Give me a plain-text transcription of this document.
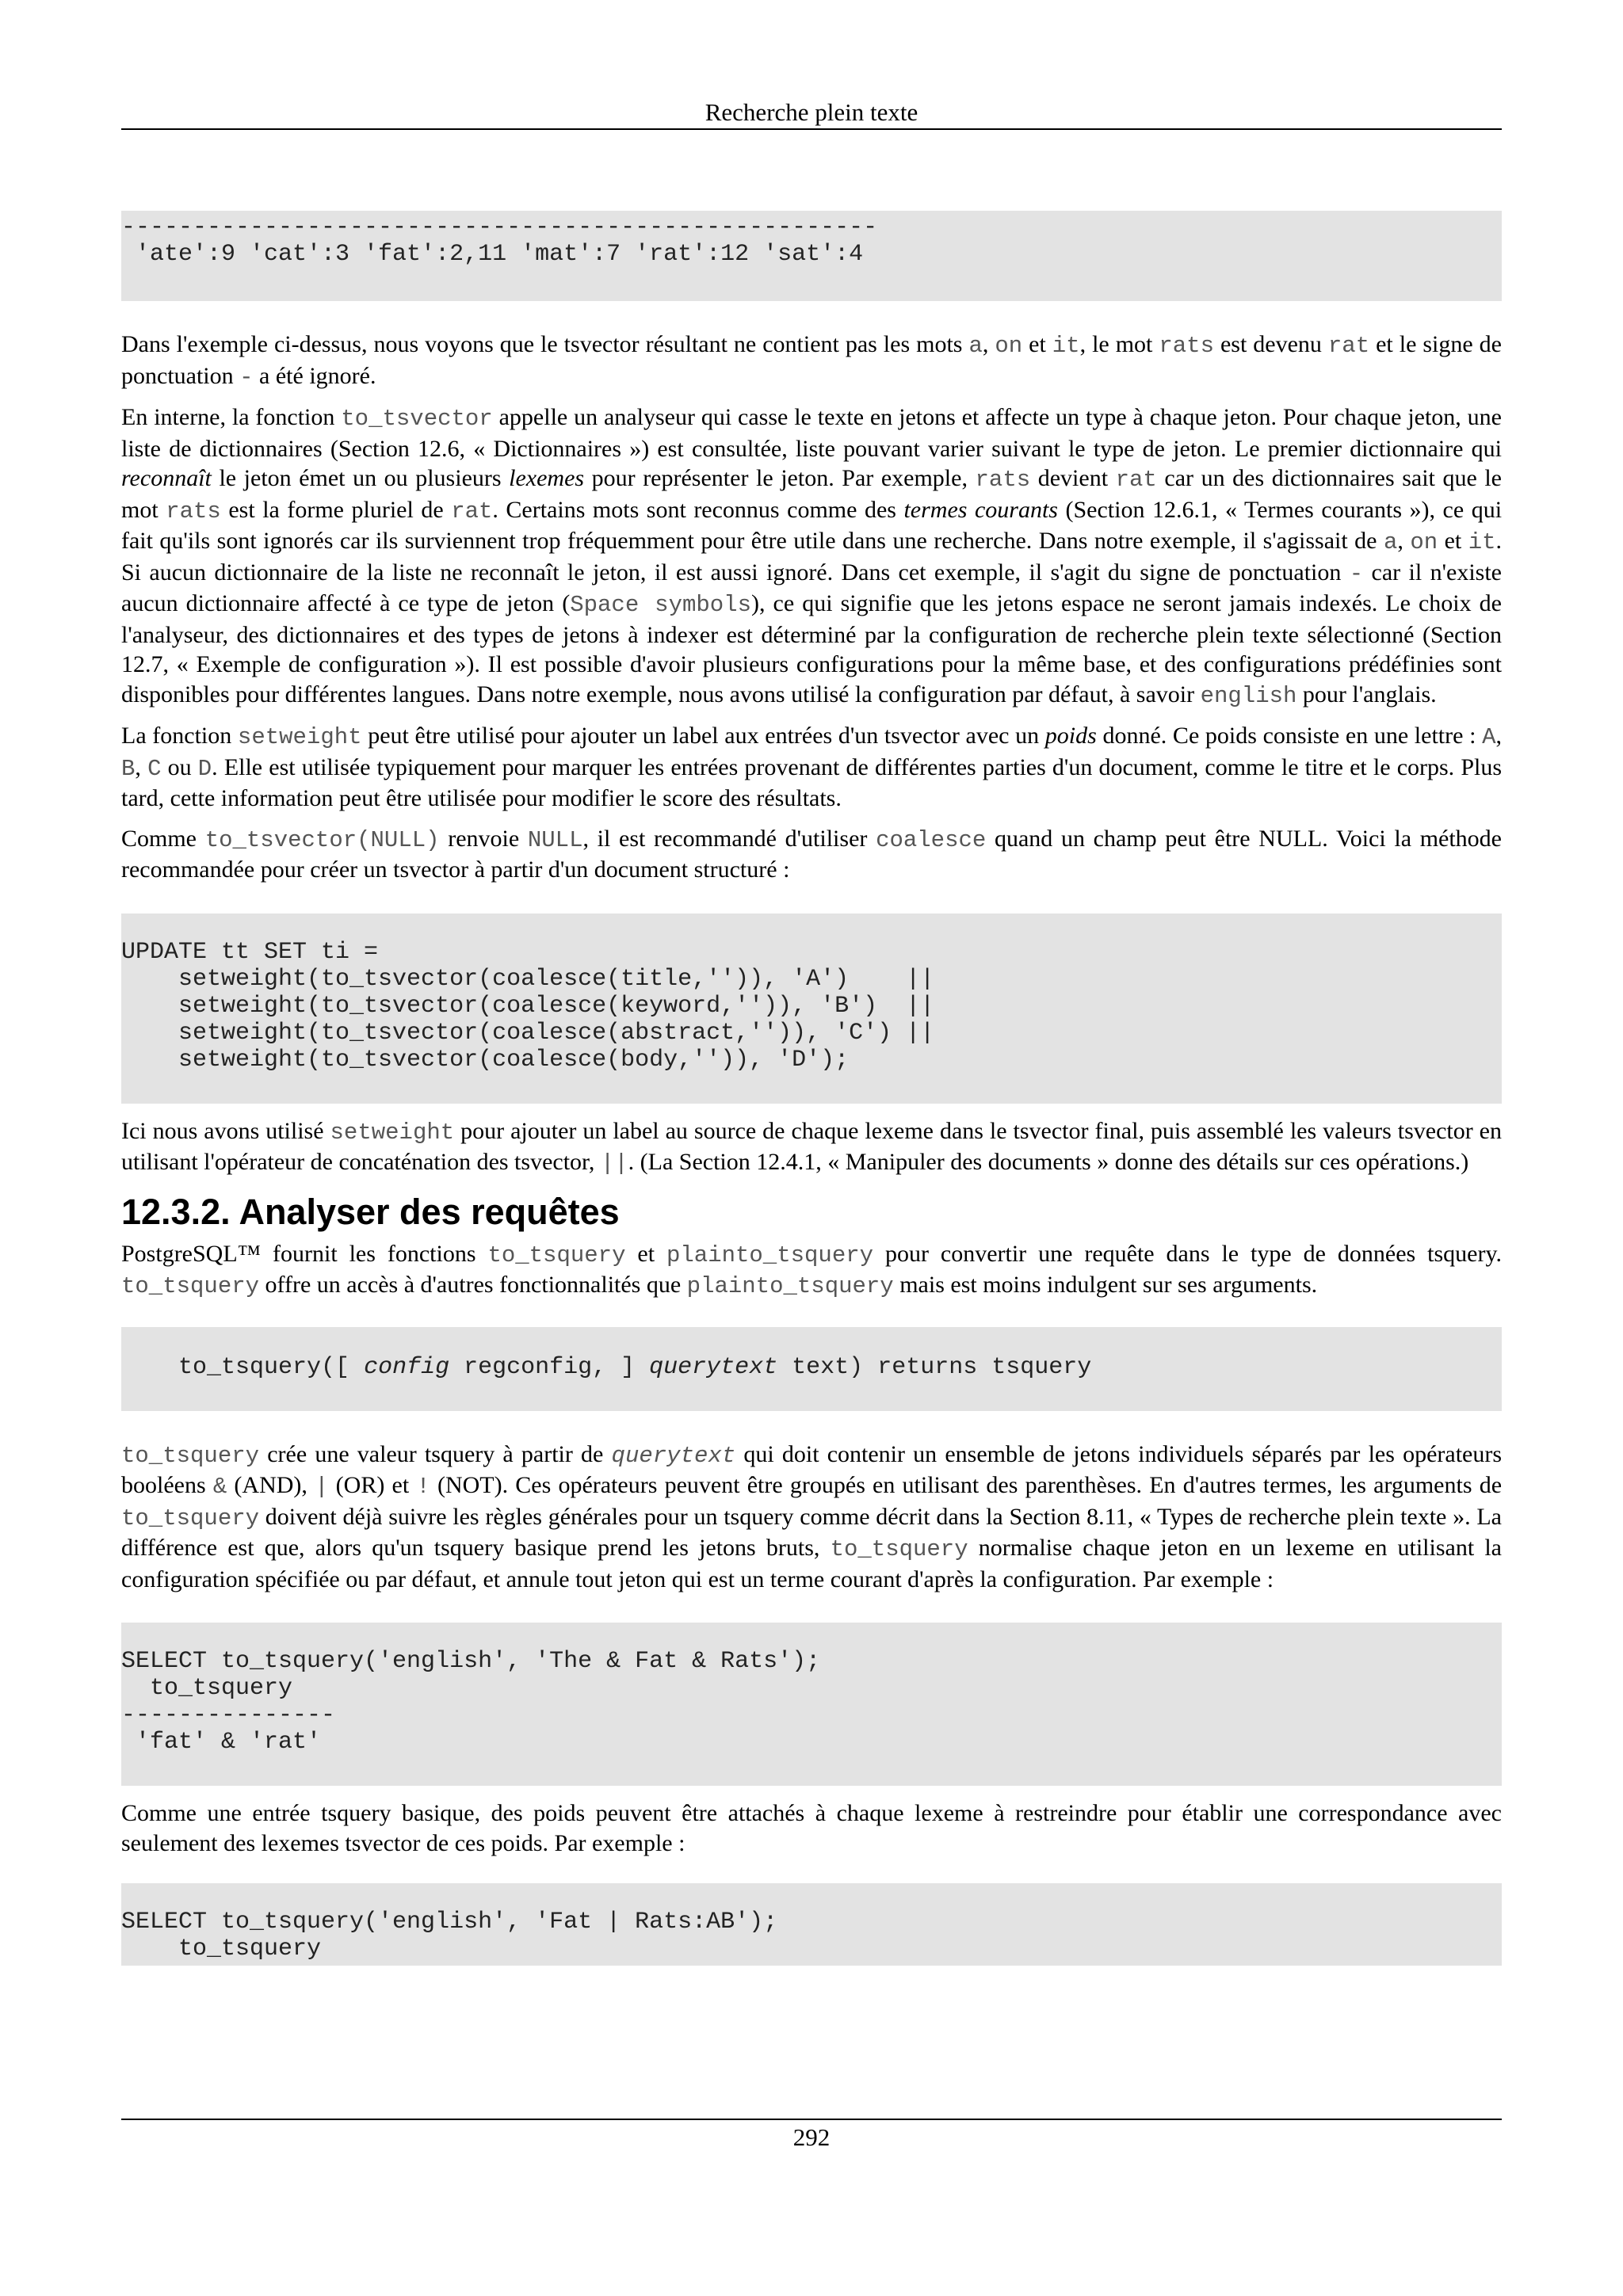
Recherche plein texte
-----------------------------------------------------
'ate':9 'cat':3 'fat':2,11 'mat':7 'rat':12 'sat':4

Dans l'exemple ci-dessus, nous voyons que le tsvector résultant ne contient pas les mots a, on et it, le mot rats est devenu rat et le signe de ponctuation - a été ignoré.

En interne, la fonction to_tsvector appelle un analyseur qui casse le texte en jetons et affecte un type à chaque jeton. Pour chaque jeton, une liste de dictionnaires (Section 12.6, « Dictionnaires ») est consultée, liste pouvant varier suivant le type de jeton. Le premier dictionnaire qui reconnaît le jeton émet un ou plusieurs lexemes pour représenter le jeton. Par exemple, rats devient rat car un des dictionnaires sait que le mot rats est la forme pluriel de rat. Certains mots sont reconnus comme des termes courants (Section 12.6.1, « Termes courants »), ce qui fait qu'ils sont ignorés car ils surviennent trop fréquemment pour être utile dans une recherche. Dans notre exemple, il s'agissait de a, on et it. Si aucun dictionnaire de la liste ne reconnaît le jeton, il est aussi ignoré. Dans cet exemple, il s'agit du signe de ponctuation - car il n'existe aucun dictionnaire affecté à ce type de jeton (Space symbols), ce qui signifie que les jetons espace ne seront jamais indexés. Le choix de l'analyseur, des dictionnaires et des types de jetons à indexer est déterminé par la configuration de recherche plein texte sélectionné (Section 12.7, « Exemple de configuration »). Il est possible d'avoir plusieurs configurations pour la même base, et des configurations prédéfinies sont disponibles pour différentes langues. Dans notre exemple, nous avons utilisé la configuration par défaut, à savoir english pour l'anglais.

La fonction setweight peut être utilisé pour ajouter un label aux entrées d'un tsvector avec un poids donné. Ce poids consiste en une lettre : A, B, C ou D. Elle est utilisée typiquement pour marquer les entrées provenant de différentes parties d'un document, comme le titre et le corps. Plus tard, cette information peut être utilisée pour modifier le score des résultats.

Comme to_tsvector(NULL) renvoie NULL, il est recommandé d'utiliser coalesce quand un champ peut être NULL. Voici la méthode recommandée pour créer un tsvector à partir d'un document structuré :

UPDATE tt SET ti =
setweight(to_tsvector(coalesce(title,'')), 'A')    ||
setweight(to_tsvector(coalesce(keyword,'')), 'B')  ||
setweight(to_tsvector(coalesce(abstract,'')), 'C') ||
setweight(to_tsvector(coalesce(body,'')), 'D');

Ici nous avons utilisé setweight pour ajouter un label au source de chaque lexeme dans le tsvector final, puis assemblé les valeurs tsvector en utilisant l'opérateur de concaténation des tsvector, ||. (La Section 12.4.1, « Manipuler des documents » donne des détails sur ces opérations.)

12.3.2. Analyser des requêtes

PostgreSQL™ fournit les fonctions to_tsquery et plainto_tsquery pour convertir une requête dans le type de données tsquery. to_tsquery offre un accès à d'autres fonctionnalités que plainto_tsquery mais est moins indulgent sur ses arguments.

to_tsquery([ config regconfig, ] querytext text) returns tsquery

to_tsquery crée une valeur tsquery à partir de querytext qui doit contenir un ensemble de jetons individuels séparés par les opérateurs booléens & (AND), | (OR) et ! (NOT). Ces opérateurs peuvent être groupés en utilisant des parenthèses. En d'autres termes, les arguments de to_tsquery doivent déjà suivre les règles générales pour un tsquery comme décrit dans la Section 8.11, « Types de recherche plein texte ». La différence est que, alors qu'un tsquery basique prend les jetons bruts, to_tsquery normalise chaque jeton en un lexeme en utilisant la configuration spécifiée ou par défaut, et annule tout jeton qui est un terme courant d'après la configuration. Par exemple :

SELECT to_tsquery('english', 'The & Fat & Rats');
to_tsquery
---------------
'fat' & 'rat'

Comme une entrée tsquery basique, des poids peuvent être attachés à chaque lexeme à restreindre pour établir une correspondance avec seulement des lexemes tsvector de ces poids. Par exemple :

SELECT to_tsquery('english', 'Fat | Rats:AB');
to_tsquery
292
